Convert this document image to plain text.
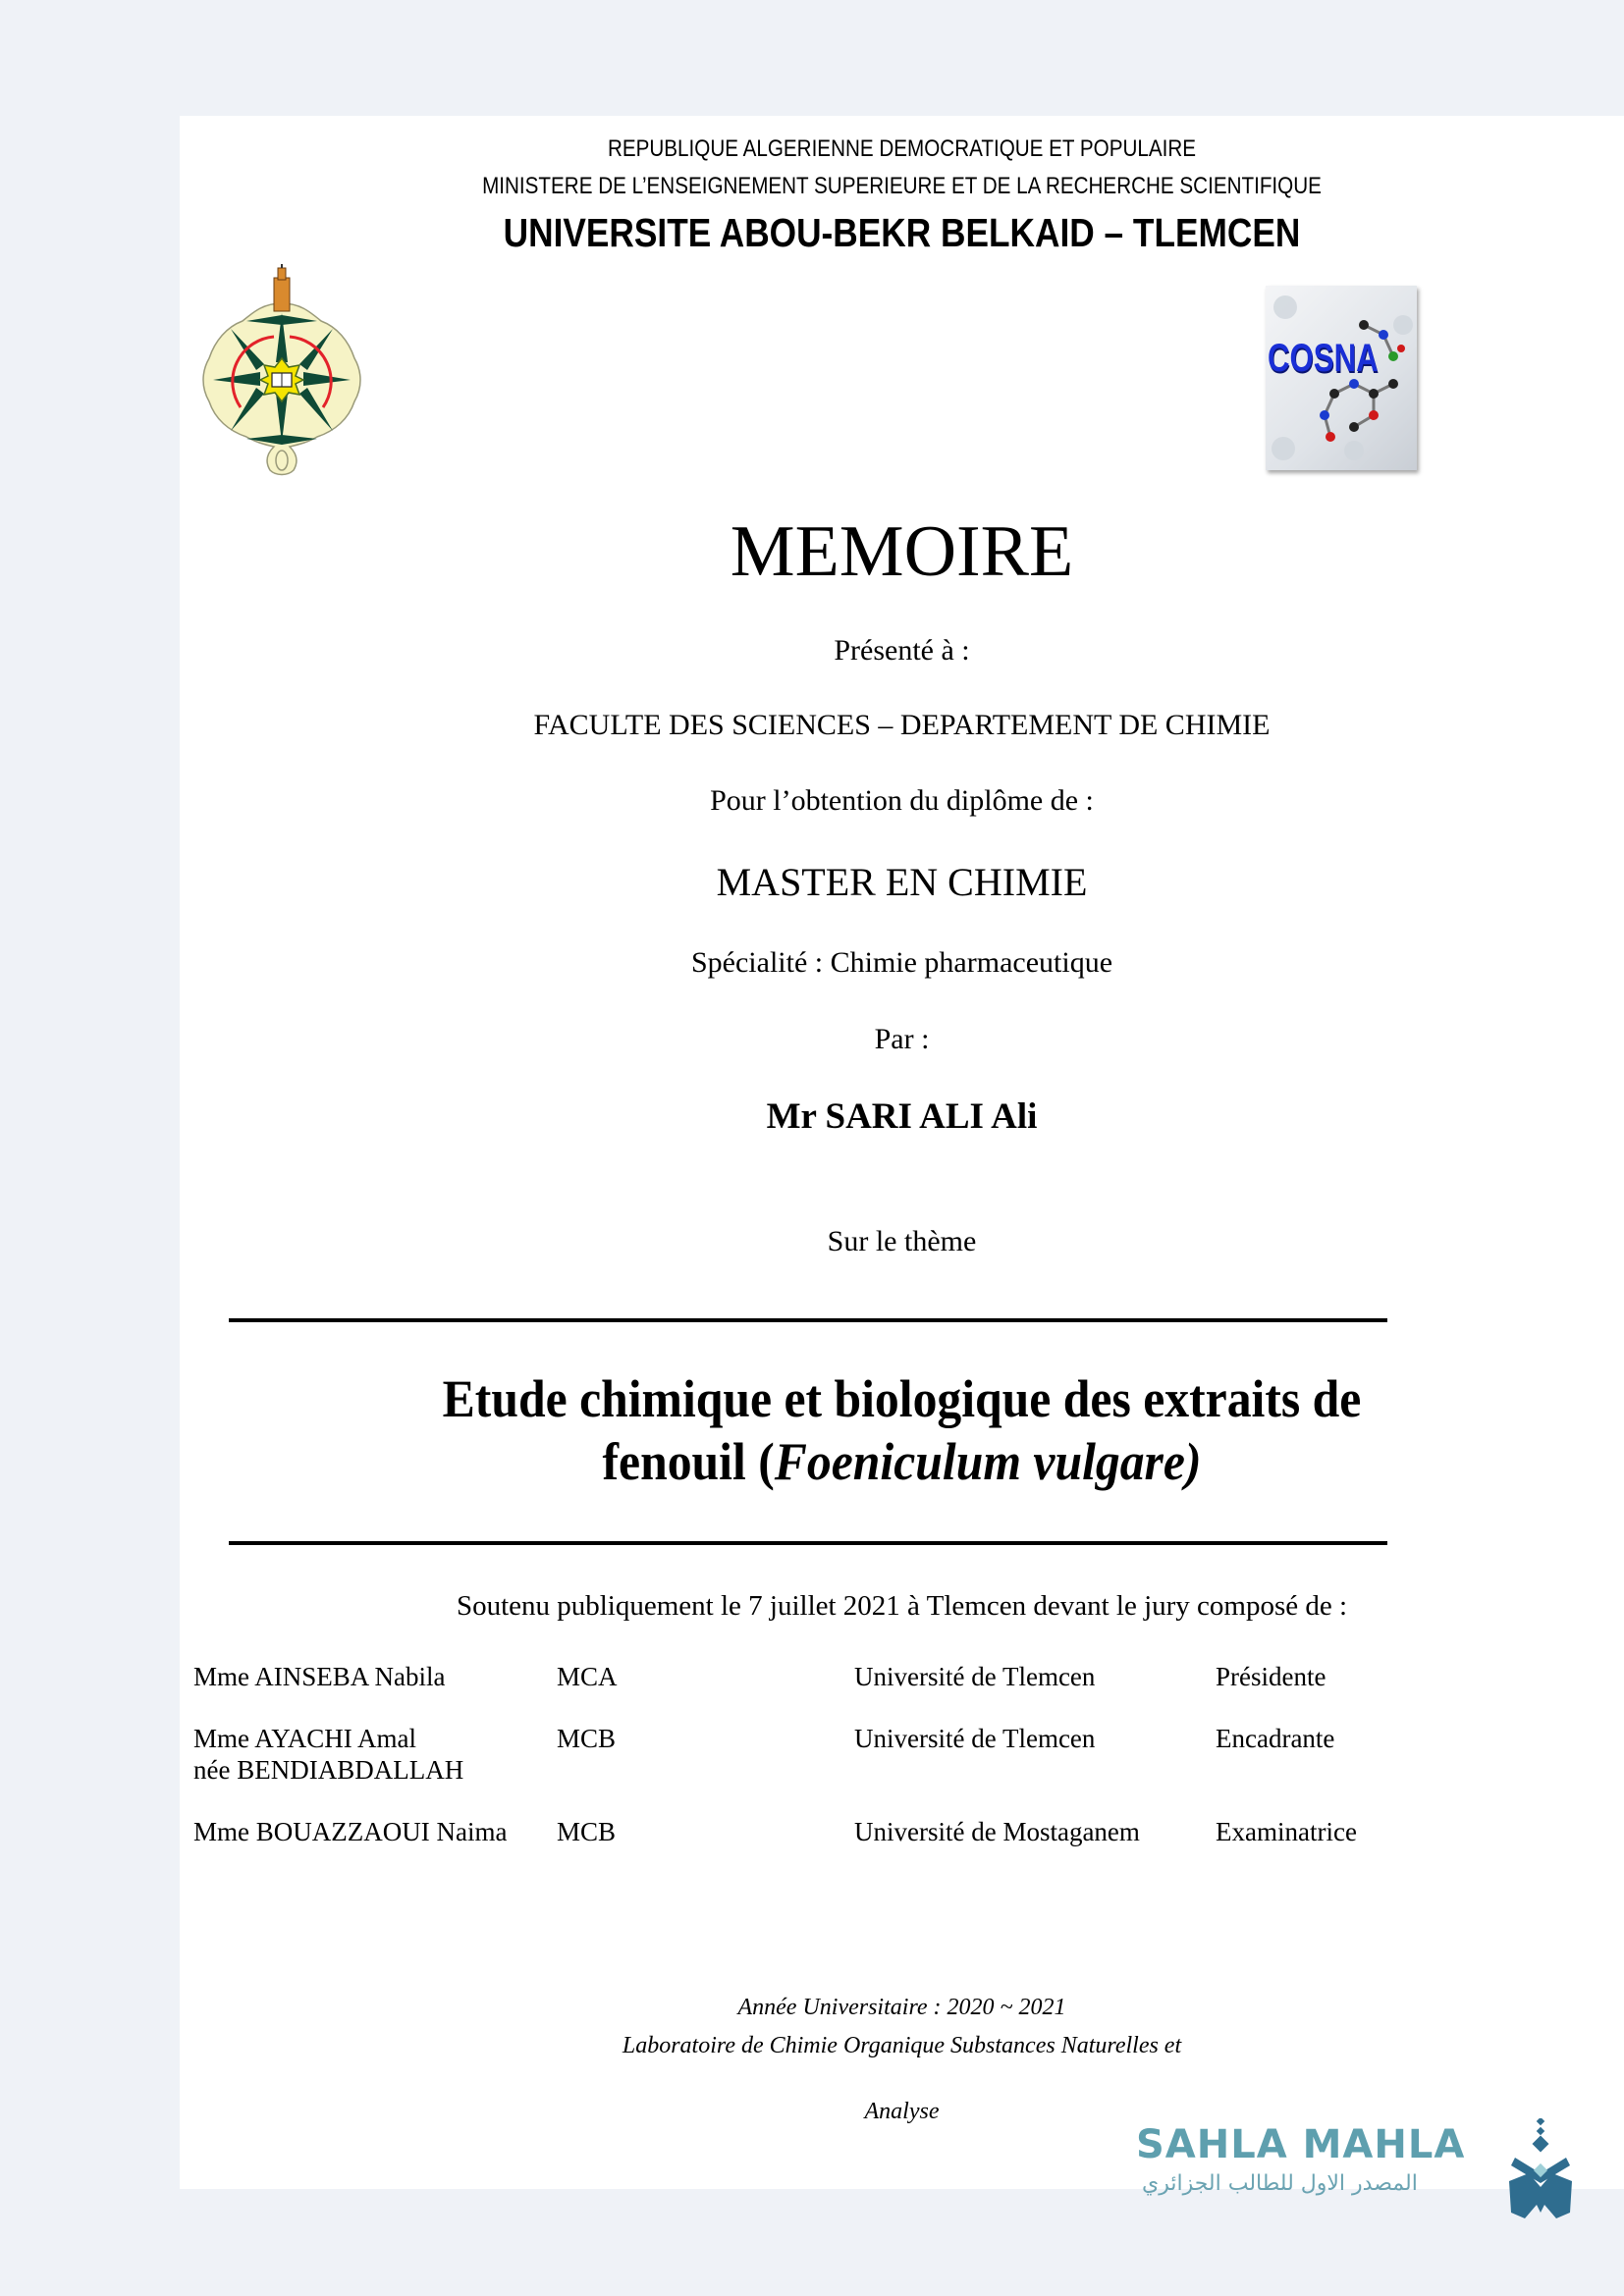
REPUBLIQUE ALGERIENNE DEMOCRATIQUE ET POPULAIRE
MINISTERE DE L’ENSEIGNEMENT SUPERIEURE ET DE LA RECHERCHE SCIENTIFIQUE
UNIVERSITE ABOU-BEKR BELKAID – TLEMCEN
COSNA
MEMOIRE
Présenté à :
FACULTE DES SCIENCES – DEPARTEMENT DE CHIMIE
Pour l’obtention du diplôme de :
MASTER EN CHIMIE
Spécialité : Chimie pharmaceutique
Par :
Mr SARI ALI Ali
Sur le thème
Etude chimique et biologique des extraits de
fenouil (Foeniculum vulgare)
Soutenu publiquement le 7 juillet 2021 à Tlemcen devant le jury composé de :
Mme AINSEBA Nabila	MCA	Université de Tlemcen	Présidente
Mme AYACHI Amal
née BENDIABDALLAH
MCB	Université de Tlemcen	Encadrante
Mme BOUAZZAOUI Naima MCB	Université de Mostaganem	Examinatrice
Année Universitaire : 2020 ~ 2021
Laboratoire de Chimie Organique Substances Naturelles et
Analyse
SAHLA MAHLA
المصدر الاول للطالب الجزائري
